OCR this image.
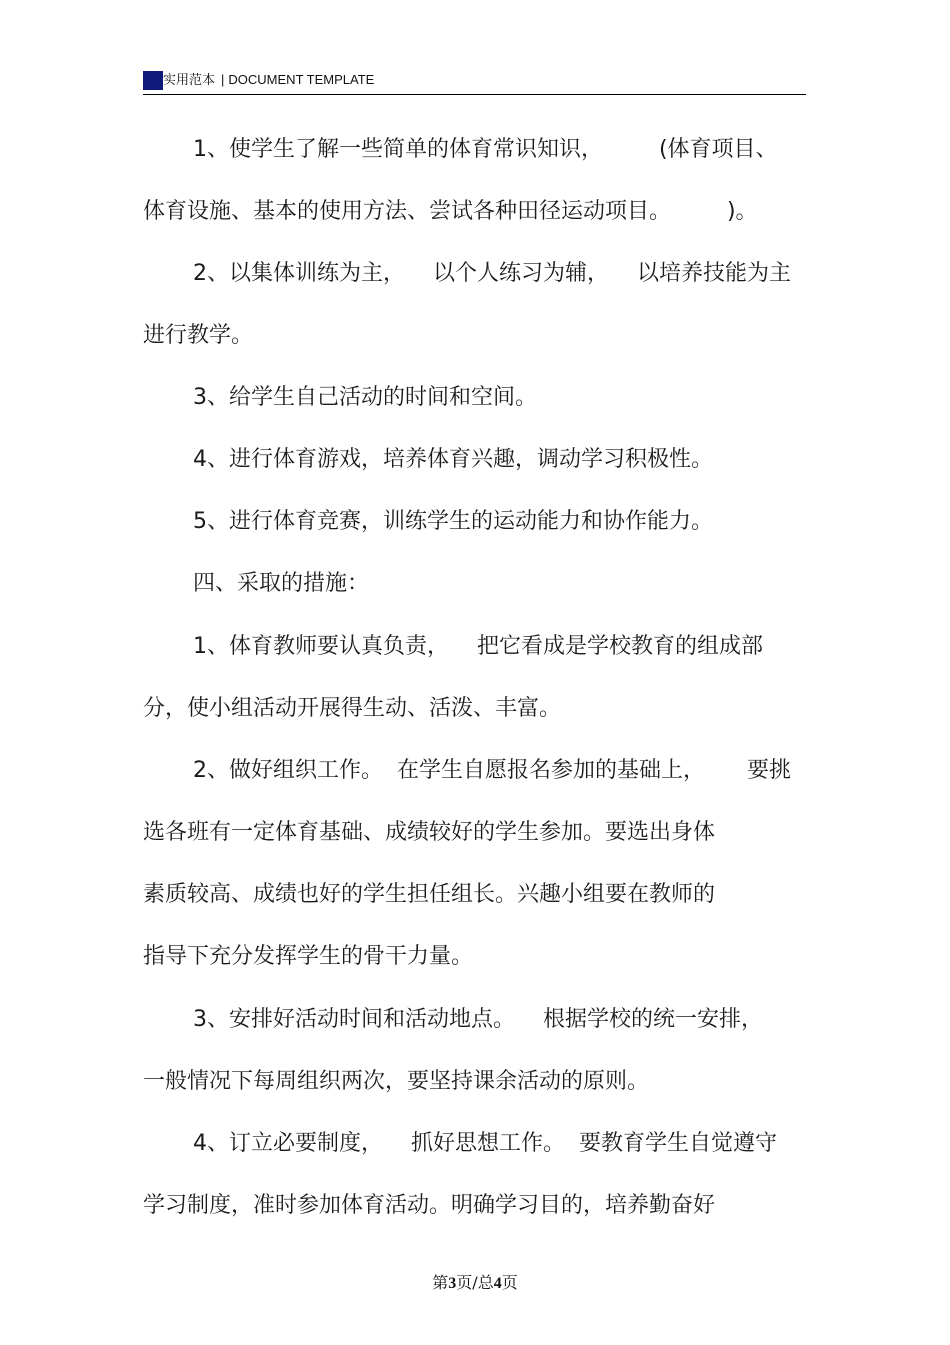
实用范本 | DOCUMENT TEMPLATE
1、使学生了解一些简单的体育常识知识，        (体育项目、
体育设施、基本的使用方法、尝试各种田径运动项目。        )。
2、以集体训练为主，    以个人练习为辅，    以培养技能为主
进行教学。
3、给学生自己活动的时间和空间。
4、进行体育游戏，培养体育兴趣，调动学习积极性。
5、进行体育竞赛，训练学生的运动能力和协作能力。
四、采取的措施：
1、体育教师要认真负责，    把它看成是学校教育的组成部
分，使小组活动开展得生动、活泼、丰富。
2、做好组织工作。  在学生自愿报名参加的基础上，      要挑
选各班有一定体育基础、成绩较好的学生参加。要选出身体
素质较高、成绩也好的学生担任组长。兴趣小组要在教师的
指导下充分发挥学生的骨干力量。
3、安排好活动时间和活动地点。    根据学校的统一安排，
一般情况下每周组织两次，要坚持课余活动的原则。
4、订立必要制度，    抓好思想工作。  要教育学生自觉遵守
学习制度，准时参加体育活动。明确学习目的，培养勤奋好
第3页/总4页
